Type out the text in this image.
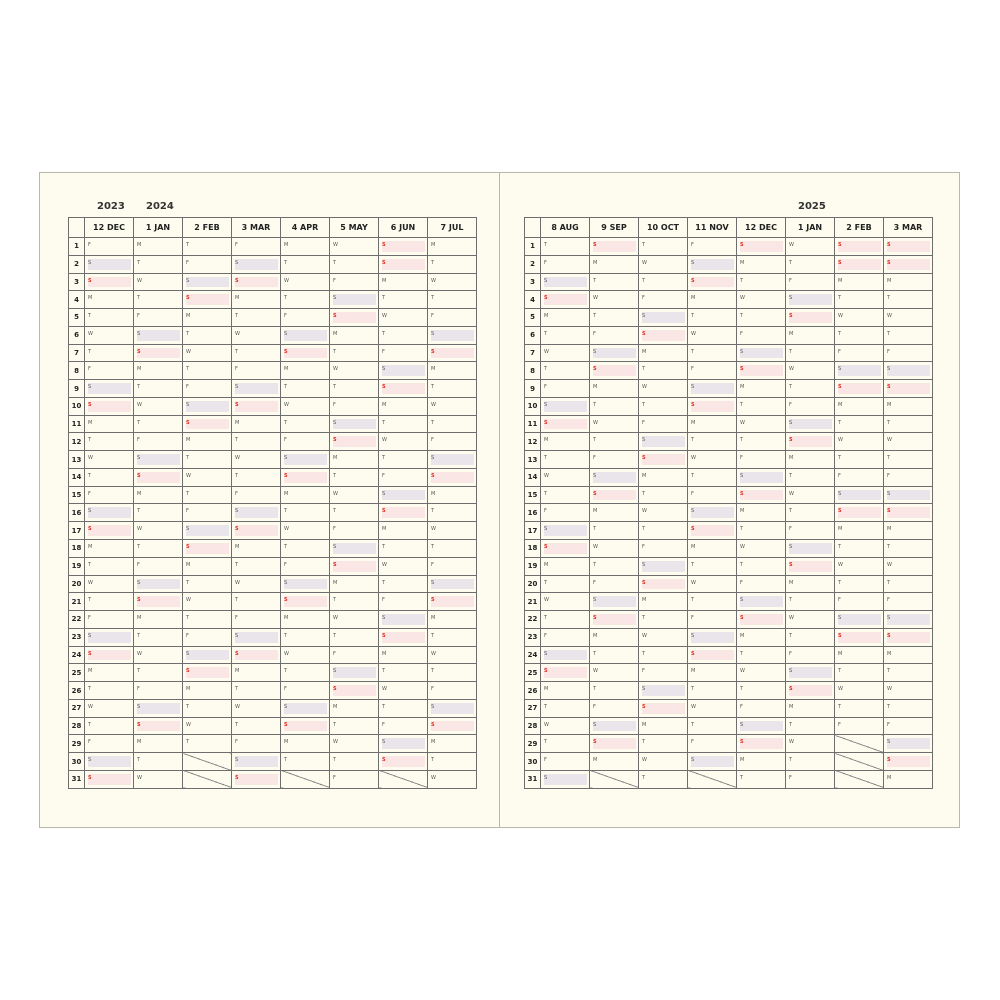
2023 2024	2025
	12 DEC	1 JAN	2 FEB	3 MAR	4 APR	5 MAY	6 JUN	7 JUL
1	F	M	T	F	M	W	S	M

2	S	T	F	S	T	T	S	T

3	S	W	S	S	W	F	M	W

4	M	T	S	M	T	S	T	T

5	T	F	M	T	F	S	W	F

6	W	S	T	W	S	M	T	S

7	T	S	W	T	S	T	F	S

8	F	M	T	F	M	W	S	M

9	S	T	F	S	T	T	S	T

10	S	W	S	S	W	F	M	W

11	M	T	S	M	T	S	T	T

12	T	F	M	T	F	S	W	F

13	W	S	T	W	S	M	T	S

14	T	S	W	T	S	T	F	S

15	F	M	T	F	M	W	S	M

16	S	T	F	S	T	T	S	T

17	S	W	S	S	W	F	M	W

18	M	T	S	M	T	S	T	T

19	T	F	M	T	F	S	W	F

20	W	S	T	W	S	M	T	S

21	T	S	W	T	S	T	F	S

22	F	M	T	F	M	W	S	M

23	S	T	F	S	T	T	S	T

24	S	W	S	S	W	F	M	W

25	M	T	S	M	T	S	T	T

26	T	F	M	T	F	S	W	F

27	W	S	T	W	S	M	T	S

28	T	S	W	T	S	T	F	S

29	F	M	T	F	M	W	S	M

30	S	T		S	T	T	S	T

31	S	W		S		F		W
	8 AUG	9 SEP	10 OCT	11 NOV	12 DEC	1 JAN	2 FEB	3 MAR
1	T	S	T	F	S	W	S	S

2	F	M	W	S	M	T	S	S

3	S	T	T	S	T	F	M	M

4	S	W	F	M	W	S	T	T

5	M	T	S	T	T	S	W	W

6	T	F	S	W	F	M	T	T

7	W	S	M	T	S	T	F	F

8	T	S	T	F	S	W	S	S

9	F	M	W	S	M	T	S	S

10	S	T	T	S	T	F	M	M

11	S	W	F	M	W	S	T	T

12	M	T	S	T	T	S	W	W

13	T	F	S	W	F	M	T	T

14	W	S	M	T	S	T	F	F

15	T	S	T	F	S	W	S	S

16	F	M	W	S	M	T	S	S

17	S	T	T	S	T	F	M	M

18	S	W	F	M	W	S	T	T

19	M	T	S	T	T	S	W	W

20	T	F	S	W	F	M	T	T

21	W	S	M	T	S	T	F	F

22	T	S	T	F	S	W	S	S

23	F	M	W	S	M	T	S	S

24	S	T	T	S	T	F	M	M

25	S	W	F	M	W	S	T	T

26	M	T	S	T	T	S	W	W

27	T	F	S	W	F	M	T	T

28	W	S	M	T	S	T	F	F

29	T	S	T	F	S	W		S

30	F	M	W	S	M	T		S

31	S		T		T	F		M
